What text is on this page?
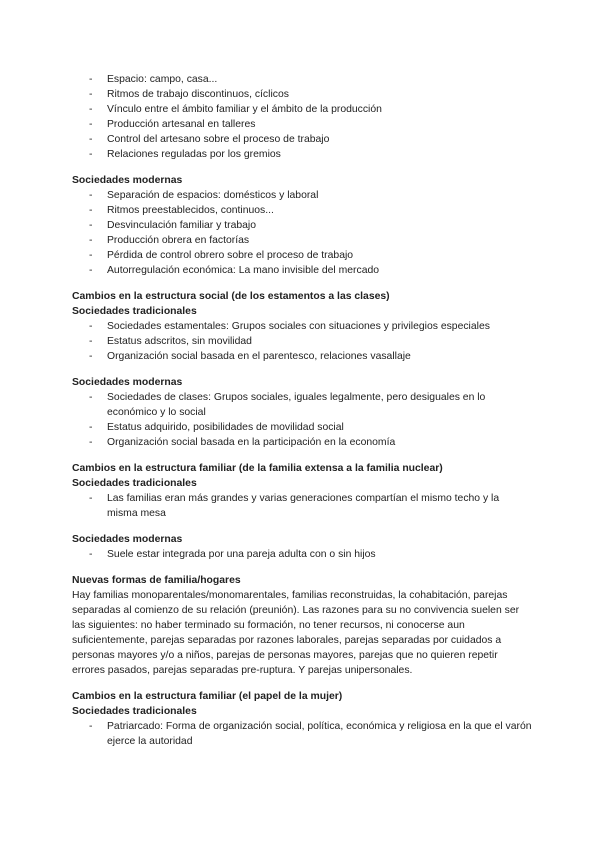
- Espacio: campo, casa...
- Ritmos de trabajo discontinuos, cíclicos
- Vínculo entre el ámbito familiar y el ámbito de la producción
- Producción artesanal en talleres
- Control del artesano sobre el proceso de trabajo
- Relaciones reguladas por los gremios
Sociedades modernas
- Separación de espacios: domésticos y laboral
- Ritmos preestablecidos, continuos...
- Desvinculación familiar y trabajo
- Producción obrera en factorías
- Pérdida de control obrero sobre el proceso de trabajo
- Autorregulación económica: La mano invisible del mercado
Cambios en la estructura social (de los estamentos a las clases)
Sociedades tradicionales
- Sociedades estamentales: Grupos sociales con situaciones y privilegios especiales
- Estatus adscritos, sin movilidad
- Organización social basada en el parentesco, relaciones vasallaje
Sociedades modernas
- Sociedades de clases: Grupos sociales, iguales legalmente, pero desiguales en lo económico y lo social
- Estatus adquirido, posibilidades de movilidad social
- Organización social basada en la participación en la economía
Cambios en la estructura familiar (de la familia extensa a la familia nuclear)
Sociedades tradicionales
- Las familias eran más grandes y varias generaciones compartían el mismo techo y la misma mesa
Sociedades modernas
- Suele estar integrada por una pareja adulta con o sin hijos
Nuevas formas de familia/hogares

Hay familias monoparentales/monomarentales, familias reconstruidas, la cohabitación, parejas separadas al comienzo de su relación (preunión). Las razones para su no convivencia suelen ser las siguientes: no haber terminado su formación, no tener recursos, ni conocerse aun suficientemente, parejas separadas por razones laborales, parejas separadas por cuidados a personas mayores y/o a niños, parejas de personas mayores, parejas que no quieren repetir errores pasados, parejas separadas pre-ruptura. Y parejas unipersonales.

Cambios en la estructura familiar (el papel de la mujer)
Sociedades tradicionales
- Patriarcado: Forma de organización social, política, económica y religiosa en la que el varón ejerce la autoridad
